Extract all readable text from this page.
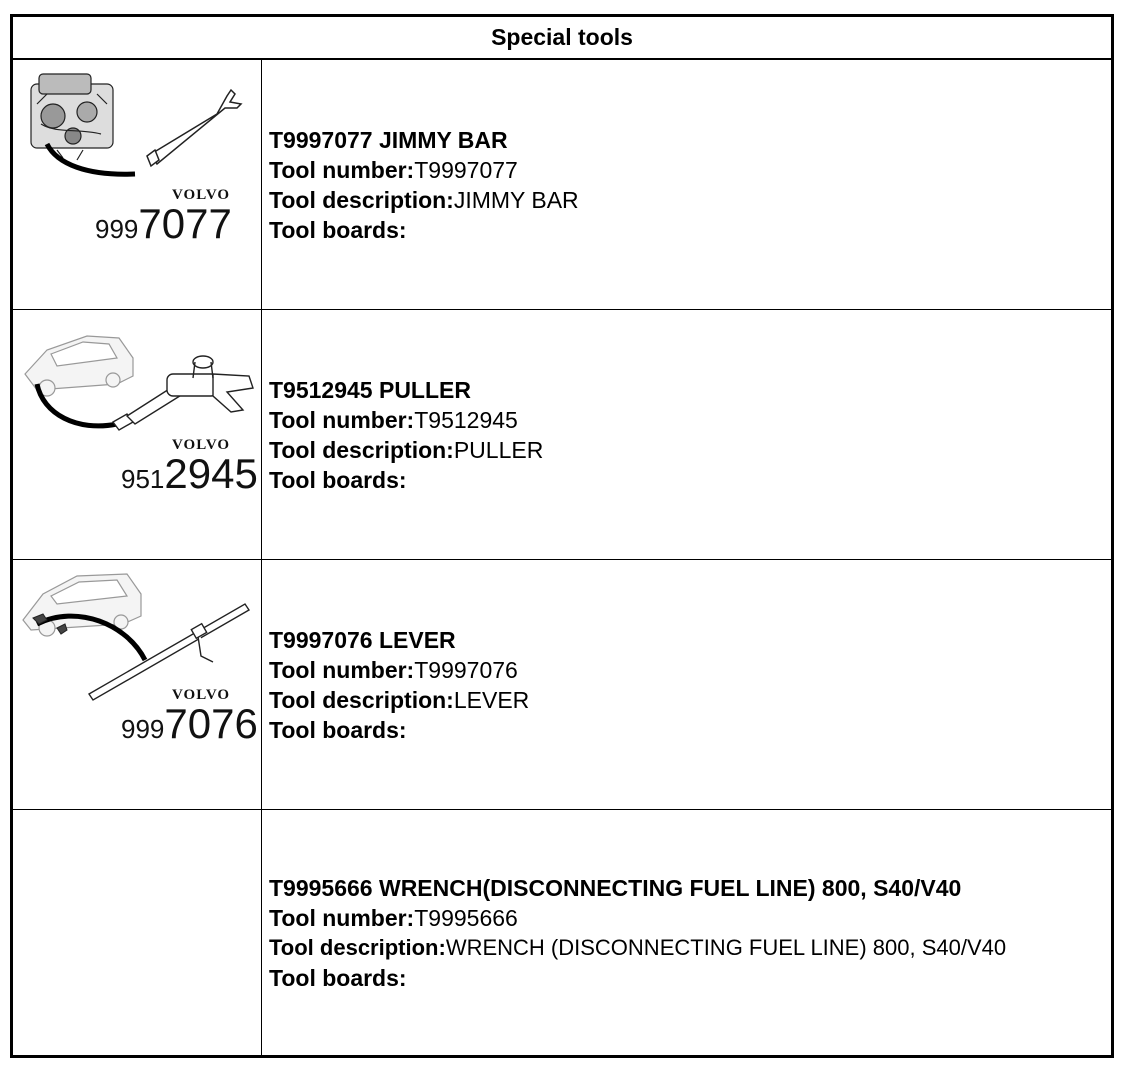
Special tools
VOLVO
9997077
T9997077 JIMMY BAR
Tool number:T9997077
Tool description:JIMMY BAR
Tool boards:
VOLVO
9512945
T9512945 PULLER
Tool number:T9512945
Tool description:PULLER
Tool boards:
VOLVO
9997076
T9997076 LEVER
Tool number:T9997076
Tool description:LEVER
Tool boards:
T9995666 WRENCH(DISCONNECTING FUEL LINE) 800, S40/V40
Tool number:T9995666
Tool description:WRENCH (DISCONNECTING FUEL LINE) 800, S40/V40
Tool boards:
